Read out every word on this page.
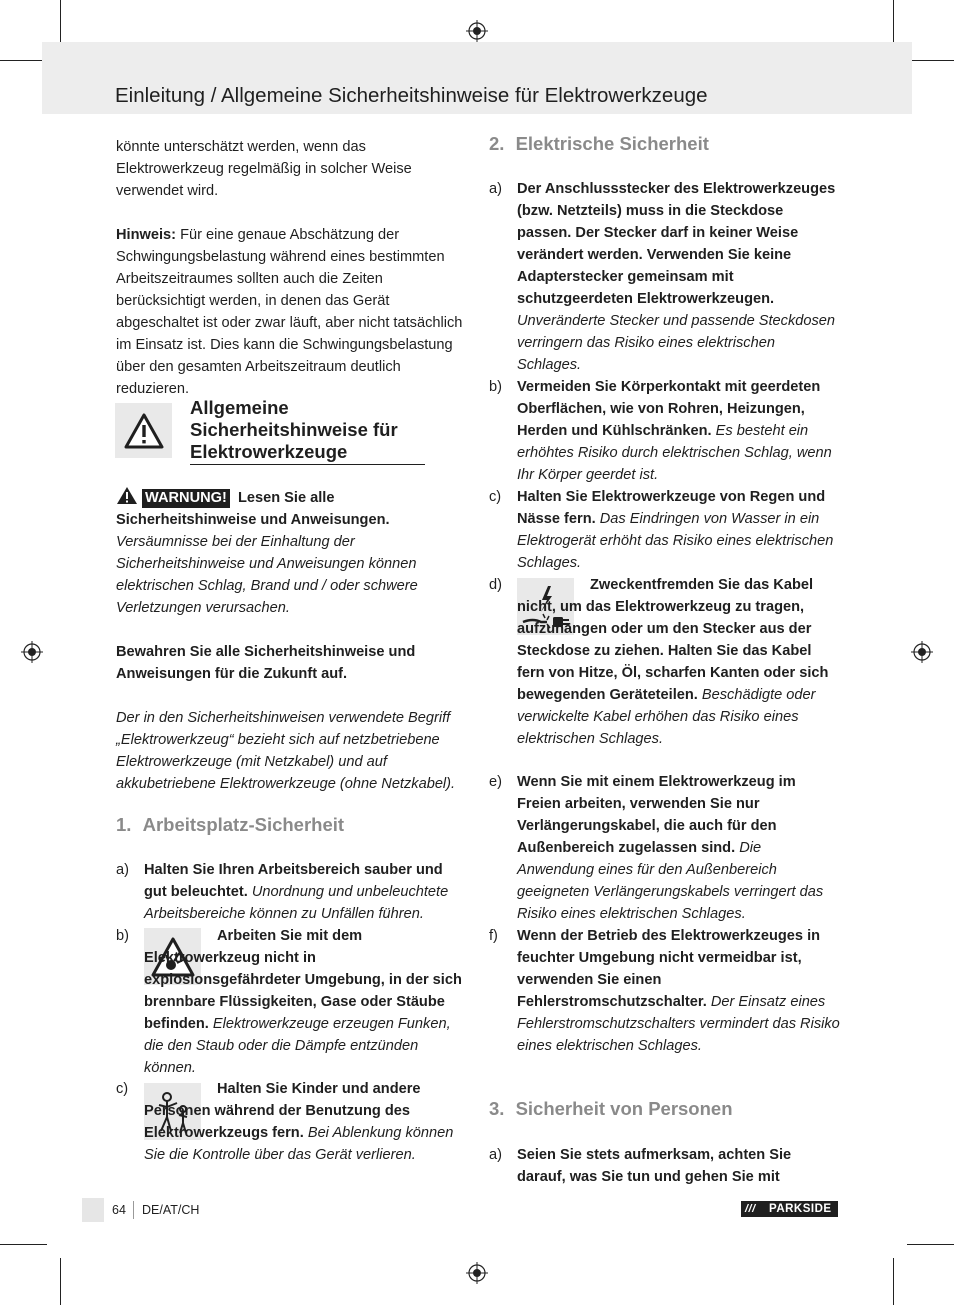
Einleitung / Allgemeine Sicherheitshinweise für Elektrowerkzeuge

könnte unterschätzt werden, wenn das Elektrowerkzeug regelmäßig in solcher Weise verwendet wird.

Hinweis: Für eine genaue Abschätzung der Schwingungsbelastung während eines bestimmten Arbeitszeitraumes sollten auch die Zeiten berücksichtigt werden, in denen das Gerät abgeschaltet ist oder zwar läuft, aber nicht tatsächlich im Einsatz ist. Dies kann die Schwingungsbelastung über den gesamten Arbeitszeitraum deutlich reduzieren.

Allgemeine Sicherheitshinweise für Elektrowerkzeuge

WARNUNG! Lesen Sie alle Sicherheitshinweise und Anweisungen. Versäumnisse bei der Einhaltung der Sicherheitshinweise und Anweisungen können elektrischen Schlag, Brand und / oder schwere Verletzungen verursachen.

Bewahren Sie alle Sicherheitshinweise und Anweisungen für die Zukunft auf.

Der in den Sicherheitshinweisen verwendete Begriff „Elektrowerkzeug“ bezieht sich auf netzbetriebene Elektrowerkzeuge (mit Netzkabel) und auf akkubetriebene Elektrowerkzeuge (ohne Netzkabel).

1. Arbeitsplatz-Sicherheit
a) Halten Sie Ihren Arbeitsbereich sauber und gut beleuchtet. Unordnung und unbeleuchtete Arbeitsbereiche können zu Unfällen führen.

b)	Arbeiten Sie mit dem Elektrowerkzeug nicht in explosionsgefährdeter Umgebung, in der sich brennbare Flüssigkeiten, Gase oder Stäube befinden. Elektrowerkzeuge erzeugen Funken, die den Staub oder die Dämpfe entzünden können.

c)	Halten Sie Kinder und andere Personen während der Benutzung des Elektrowerkzeugs fern. Bei Ablenkung können Sie die Kontrolle über das Gerät verlieren.

2. Elektrische Sicherheit
a) Der Anschlussstecker des Elektrowerkzeuges (bzw. Netzteils) muss in die Steckdose passen. Der Stecker darf in keiner Weise verändert werden. Verwenden Sie keine Adapterstecker gemeinsam mit schutzgeerdeten Elektrowerkzeugen. Unveränderte Stecker und passende Steckdosen verringern das Risiko eines elektrischen Schlages.

b) Vermeiden Sie Körperkontakt mit geerdeten Oberflächen, wie von Rohren, Heizungen, Herden und Kühlschränken. Es besteht ein erhöhtes Risiko durch elektrischen Schlag, wenn Ihr Körper geerdet ist.

c) Halten Sie Elektrowerkzeuge von Regen und Nässe fern. Das Eindringen von Wasser in ein Elektrogerät erhöht das Risiko eines elektrischen Schlages.

d)	Zweckentfremden Sie das Kabel nicht, um das Elektrowerkzeug zu tragen, aufzuhängen oder um den Stecker aus der Steckdose zu ziehen. Halten Sie das Kabel fern von Hitze, Öl, scharfen Kanten oder sich bewegenden Geräteteilen. Beschädigte oder verwickelte Kabel erhöhen das Risiko eines elektrischen Schlages.

e) Wenn Sie mit einem Elektrowerkzeug im Freien arbeiten, verwenden Sie nur Verlängerungskabel, die auch für den Außenbereich zugelassen sind. Die Anwendung eines für den Außenbereich geeigneten Verlängerungskabels verringert das Risiko eines elektrischen Schlages.

f) Wenn der Betrieb des Elektrowerkzeuges in feuchter Umgebung nicht vermeidbar ist, verwenden Sie einen Fehlerstromschutzschalter. Der Einsatz eines Fehlerstromschutzschalters vermindert das Risiko eines elektrischen Schlages.

3. Sicherheit von Personen
a) Seien Sie stets aufmerksam, achten Sie darauf, was Sie tun und gehen Sie mit

64 DE/AT/CH	/// PARKSIDE
